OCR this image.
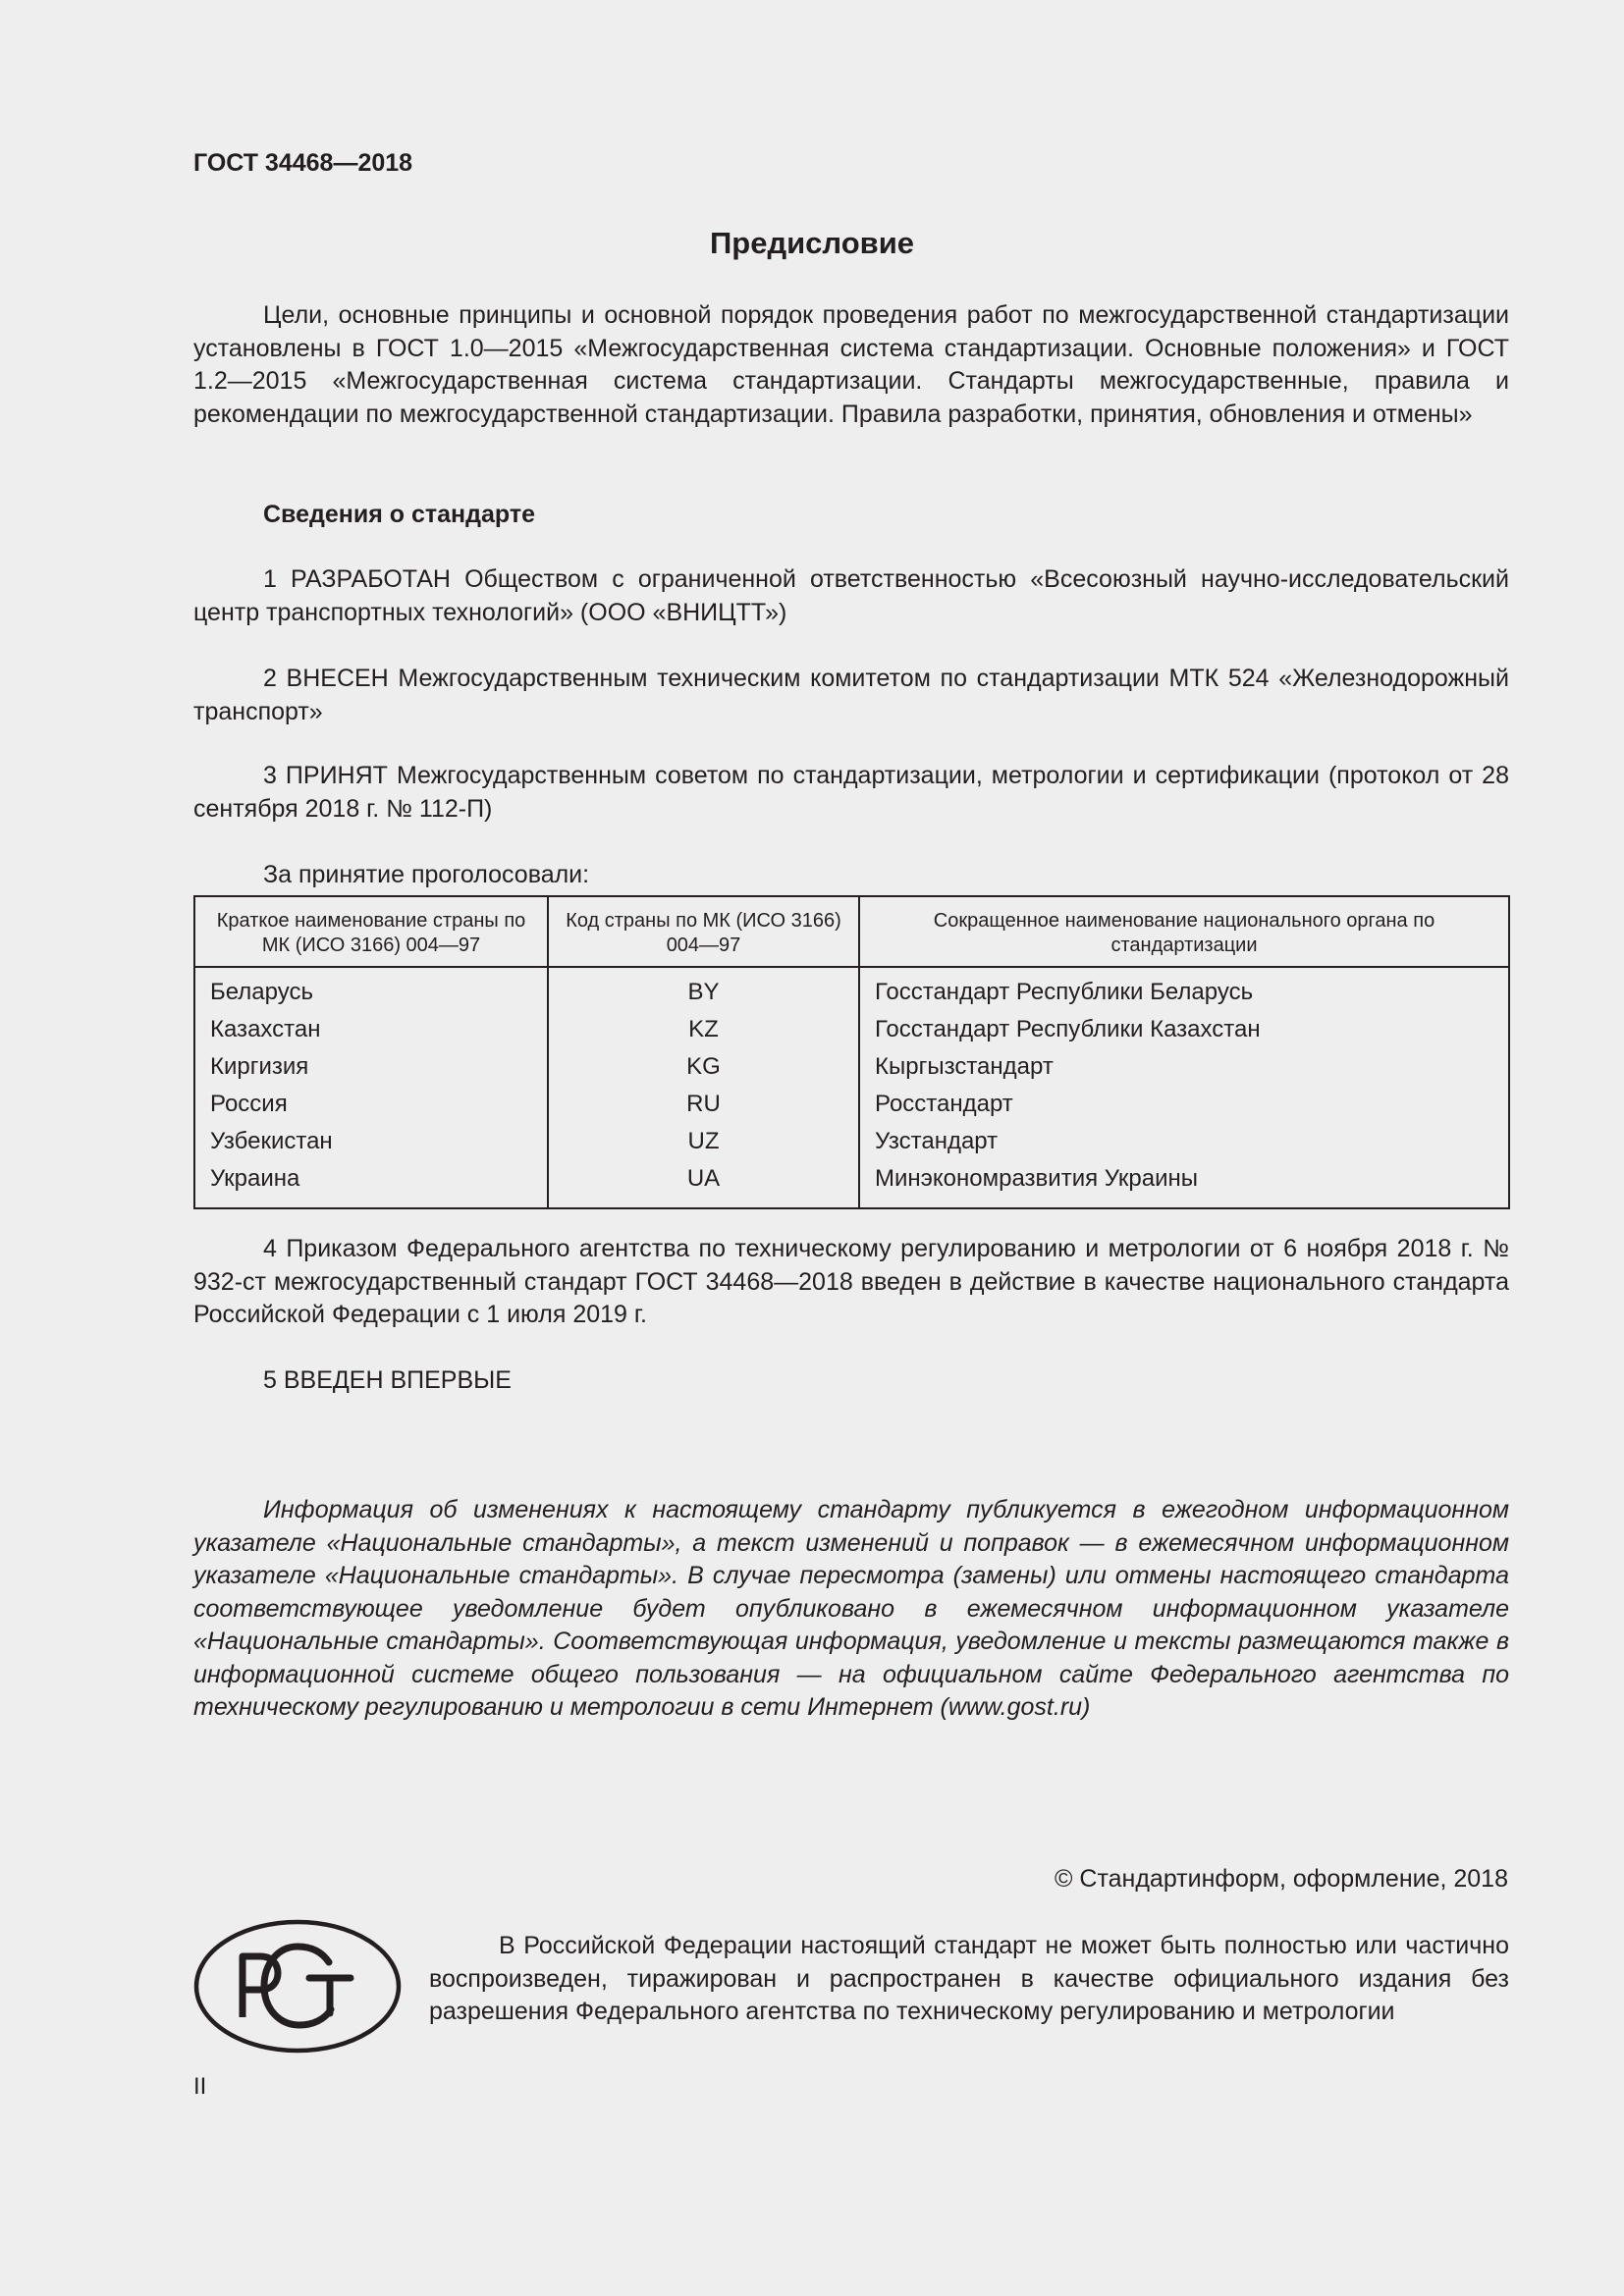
ГОСТ 34468—2018
Предисловие

Цели, основные принципы и основной порядок проведения работ по межгосударственной стандартизации установлены в ГОСТ 1.0—2015 «Межгосударственная система стандартизации. Основные положения» и ГОСТ 1.2—2015 «Межгосударственная система стандартизации. Стандарты межгосударственные, правила и рекомендации по межгосударственной стандартизации. Правила разработки, принятия, обновления и отмены»

Сведения о стандарте

1 РАЗРАБОТАН Обществом с ограниченной ответственностью «Всесоюзный научно-исследовательский центр транспортных технологий» (ООО «ВНИЦТТ»)

2 ВНЕСЕН Межгосударственным техническим комитетом по стандартизации МТК 524 «Железнодорожный транспорт»

3 ПРИНЯТ Межгосударственным советом по стандартизации, метрологии и сертификации (протокол от 28 сентября 2018 г. № 112-П)

За принятие проголосовали:

Краткое наименование страны по МК (ИСО 3166) 004—97	Код страны по МК (ИСО 3166) 004—97	Сокращенное наименование национального органа по стандартизации
Беларусь	BY	Госстандарт Республики Беларусь
Казахстан	KZ	Госстандарт Республики Казахстан
Киргизия	KG	Кыргызстандарт
Россия	RU	Росстандарт
Узбекистан	UZ	Узстандарт
Украина	UA	Минэкономразвития Украины

4 Приказом Федерального агентства по техническому регулированию и метрологии от 6 ноября 2018 г. № 932-ст межгосударственный стандарт ГОСТ 34468—2018 введен в действие в качестве национального стандарта Российской Федерации с 1 июля 2019 г.

5 ВВЕДЕН ВПЕРВЫЕ

Информация об изменениях к настоящему стандарту публикуется в ежегодном информационном указателе «Национальные стандарты», а текст изменений и поправок — в ежемесячном информационном указателе «Национальные стандарты». В случае пересмотра (замены) или отмены настоящего стандарта соответствующее уведомление будет опубликовано в ежемесячном информационном указателе «Национальные стандарты». Соответствующая информация, уведомление и тексты размещаются также в информационной системе общего пользования — на официальном сайте Федерального агентства по техническому регулированию и метрологии в сети Интернет (www.gost.ru)

© Стандартинформ, оформление, 2018

В Российской Федерации настоящий стандарт не может быть полностью или частично воспроизведен, тиражирован и распространен в качестве официального издания без разрешения Федерального агентства по техническому регулированию и метрологии

II
